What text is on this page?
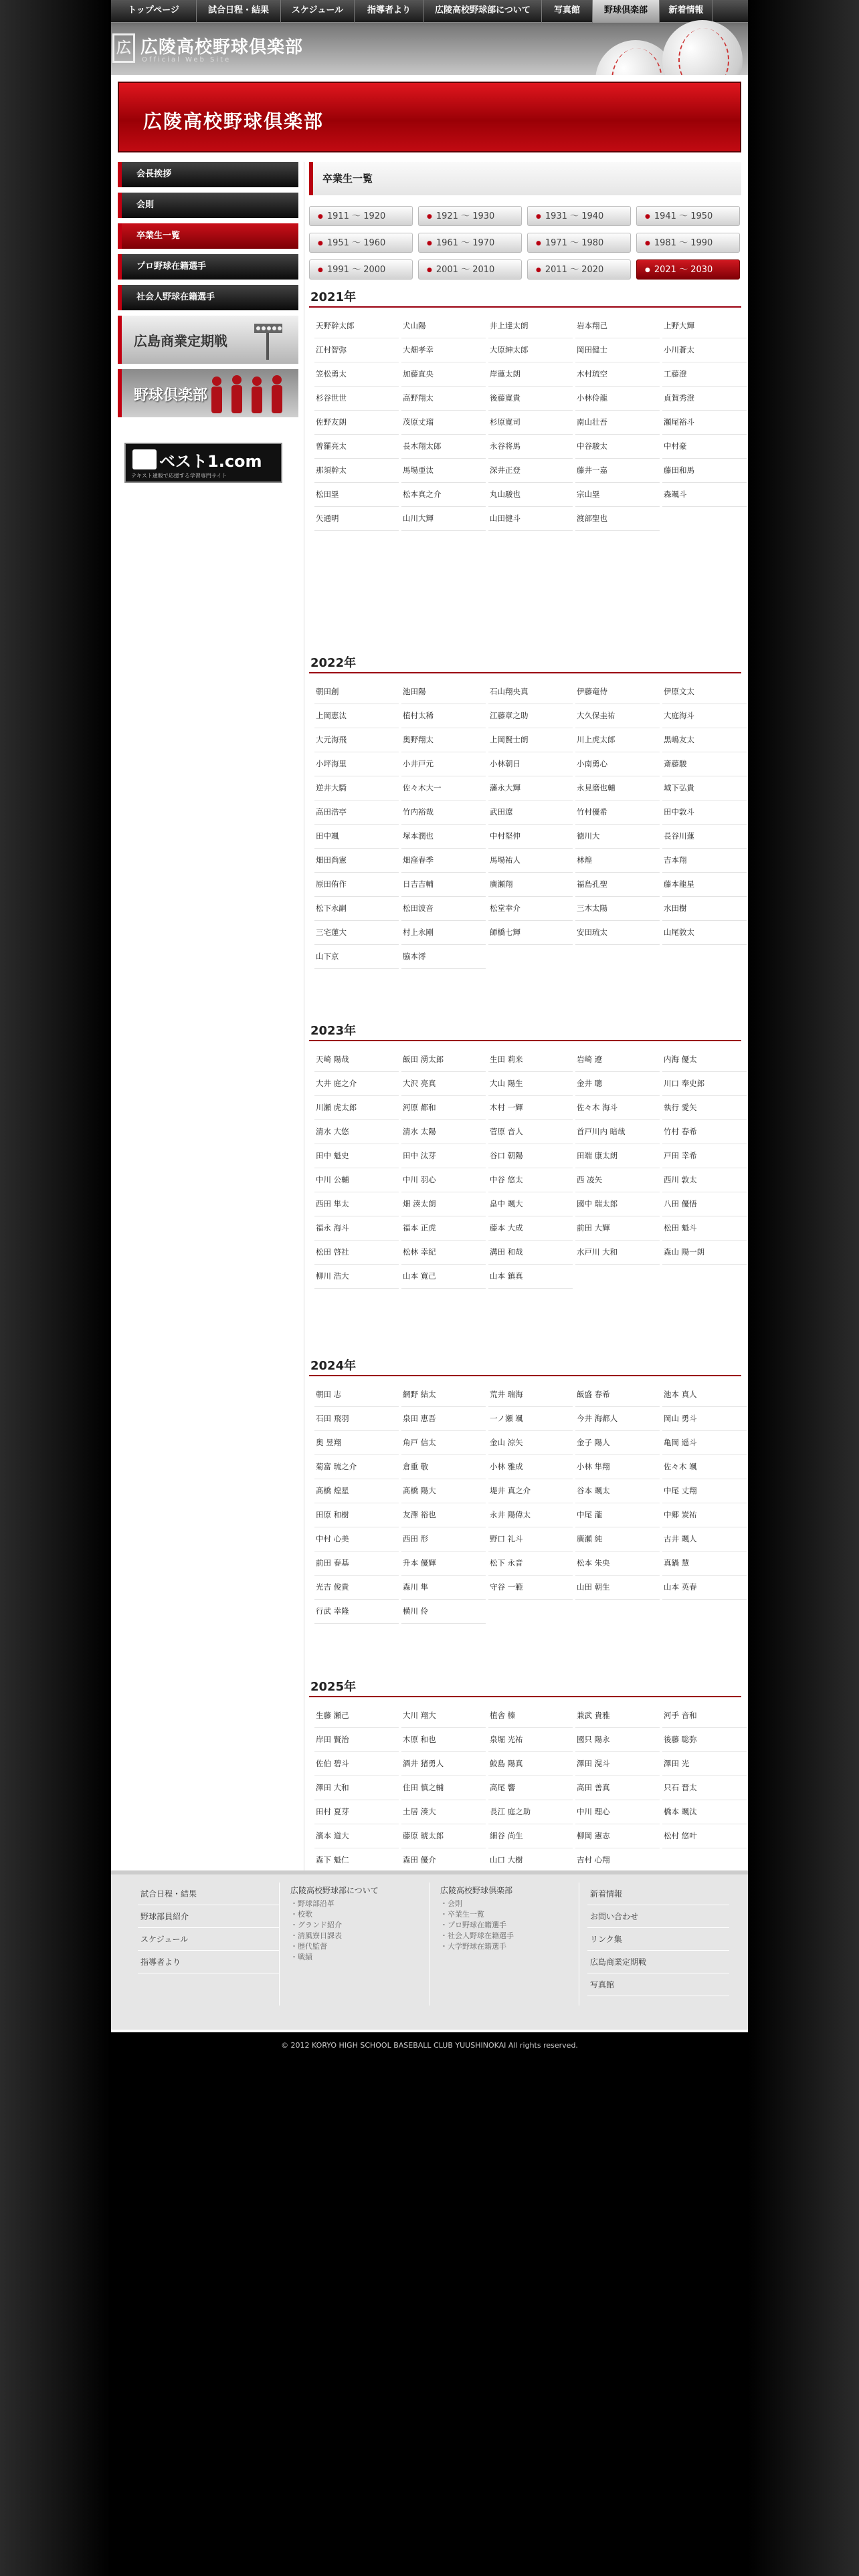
トップページ	試合日程・結果	スケジュール	指導者より	広陵高校野球部について	写真館	野球倶楽部	新着情報
広 広陵高校野球倶楽部
Official Web Site
広陵高校野球倶楽部
会長挨拶
会則
卒業生一覧
プロ野球在籍選手
社会人野球在籍選手
広島商業定期戦
野球倶楽部
ベスト1.com
テキスト通販で応援する学習専門サイト
卒業生一覧
● 1911 〜 1920	● 1921 〜 1930	● 1931 〜 1940	● 1941 〜 1950
● 1951 〜 1960	● 1961 〜 1970	● 1971 〜 1980	● 1981 〜 1990
● 1991 〜 2000	● 2001 〜 2010	● 2011 〜 2020	● 2021 〜 2030
2021年
天野幹太郎	犬山陽	井上達太朗	岩本翔己	上野大輝
江村智弥	大畑孝幸	大原紳太郎	岡田健士	小川蒼太
笠松勇太	加藤直央	岸蓮太朗	木村琉空	工藤澄
杉谷世世	高野翔太	後藤寛貴	小林伶龍	貞賀秀澄
佐野友朗	茂原丈瑠	杉原寛司	南山壮吾	瀬尾裕斗
曽羅亮太	長木翔太郎	永谷将馬	中谷駿太	中村豪
那須幹太	馬場亜汰	深井正登	藤井一嘉	藤田和馬
松田塁	松本真之介	丸山駿也	宗山塁	森颯斗
矢通明	山川大輝	山田健斗	渡部聖也
2022年
朝田創	池田陽	石山翔央真	伊藤竜侍	伊原文太
上岡恵汰	植村太稀	江藤章之助	大久保圭祐	大庭海斗
大元海飛	奥野翔太	上岡賢士朗	川上虎太郎	黒嶋友太
小坪海里	小井戸元	小林朝日	小南勇心	斎藤駿
逆井大騎	佐々木大一	藩永大輝	永見磨也輔	域下弘貴
高田浩亭	竹内裕哉	武田遼	竹村優希	田中敦斗
田中颯	塚本潤也	中村堅伸	徳川大	長谷川蓮
畑田尚憲	畑窪春季	馬場祐人	林煌	吉本翔
原田侑作	日吉吉輔	廣瀬翔	福島孔聖	藤本龍星
松下永嗣	松田波音	松堂幸介	三木太陽	水田樹
三宅蓮大	村上永剛	師橋七輝	安田琉太	山尾敦太
山下京	脇本澪
2023年
天崎 陽哉	飯田 湧太郎	生田 莉来	岩崎 遼	内海 優太
大井 庭之介	大沢 亮真	大山 陽生	金井 聰	川口 奉史郎
川瀬 虎太郎	河原 都和	木村 一輝	佐々木 海斗	執行 愛矢
清水 大悠	清水 太陽	菅原 音人	首戸川内 暗哉	竹村 春希
田中 魁史	田中 汰芽	谷口 朝陽	田端 康太朗	戸田 幸希
中川 公輔	中川 羽心	中谷 悠太	西 凌矢	西川 敦太
西田 隼太	畑 湊太朗	畠中 颯大	國中 瑞太郎	八田 優悟
福永 海斗	福本 正虎	藤本 大成	前田 大輝	松田 魁斗
松田 啓社	松林 幸紀	溝田 和哉	水戸川 大和	森山 陽一朗
柳川 浩大	山本 寛己	山本 鎮真
2024年
朝田 志	網野 結太	荒井 瑞海	飯盛 春希	池本 真人
石田 飛羽	泉田 恵吾	一ノ瀬 颯	今井 海都人	岡山 勇斗
奥 昱翔	角戸 信太	金山 涼矢	金子 陽人	亀岡 遥斗
菊富 琉之介	倉重 敬	小林 雅成	小林 隼翔	佐々木 颯
髙橋 煌星	髙橋 陽大	堤井 真之介	谷本 颯太	中尾 丈翔
田原 和樹	友澤 裕也	永井 陽偉太	中尾 瀧	中郷 炭祐
中村 心美	西田 形	野口 礼斗	廣瀬 純	古井 颯人
前田 春基	升本 優輝	松下 永音	松本 朱央	真鍋 慧
光吉 俊貴	森川 隼	守谷 一範	山田 朝生	山本 英春
行武 幸隆	横川 伶
2025年
生藤 瀬己	大川 翔大	植舎 榛	兼武 貴雅	河手 音和
岸田 賢治	木原 和也	泉堀 光祐	國只 陽永	後藤 聡弥
佐伯 碧斗	酒井 猪勇人	鮫島 陽真	澤田 滉斗	澤田 光
澤田 大和	住田 慎之輔	高尾 響	高田 善真	只石 晋太
田村 夏芽	土居 湊大	長江 庭之助	中川 理心	橋本 颯汰
濱本 道大	藤原 琥太郎	細谷 尚生	柳岡 憲志	松村 悠叶
森下 魁仁	森田 優介	山口 大樹	吉村 心翔
試合日程・結果
野球部員紹介
スケジュール
指導者より
広陵高校野球部について
・ 野球部沿革
・ 校歌
・ グランド紹介
・ 清風寮日課表
・ 歴代監督
・ 戦績
広陵高校野球倶楽部
・ 会則
・ 卒業生一覧
・ プロ野球在籍選手
・ 社会人野球在籍選手
・ 大学野球在籍選手
新着情報
お問い合わせ
リンク集
広島商業定期戦
写真館
© 2012 KORYO HIGH SCHOOL BASEBALL CLUB YUUSHINOKAI All rights reserved.
